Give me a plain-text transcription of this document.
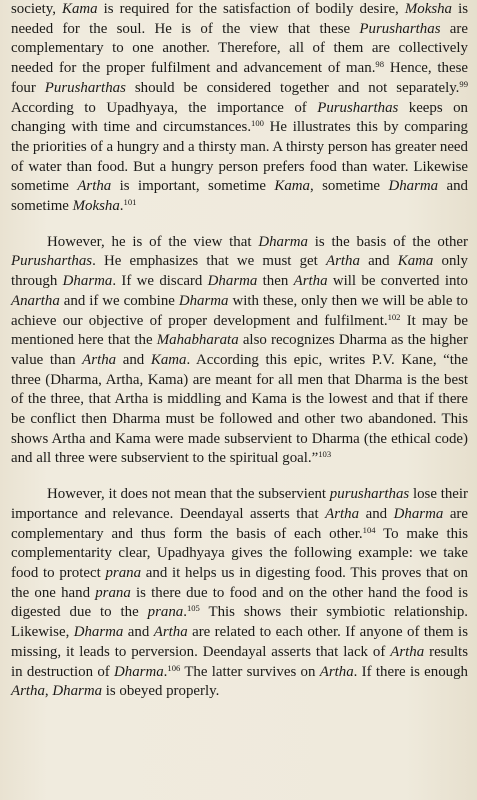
society, Kama is required for the satisfaction of bodily desire, Moksha is needed for the soul. He is of the view that these Purusharthas are complementary to one another. Therefore, all of them are collectively needed for the proper fulfilment and advancement of man.$^{98}$ Hence, these four Purusharthas should be considered together and not separately.$^{99}$ According to Upadhyaya, the importance of Purusharthas keeps on changing with time and circumstances.$^{100}$ He illustrates this by comparing the priorities of a hungry and a thirsty man. A thirsty person has greater need of water than food. But a hungry person prefers food than water. Likewise sometime Artha is important, sometime Kama, sometime Dharma and sometime Moksha.$^{101}$

However, he is of the view that Dharma is the basis of the other Purusharthas. He emphasizes that we must get Artha and Kama only through Dharma. If we discard Dharma then Artha will be converted into Anartha and if we combine Dharma with these, only then we will be able to achieve our objective of proper development and fulfilment.$^{102}$ It may be mentioned here that the Mahabharata also recognizes Dharma as the higher value than Artha and Kama. According this epic, writes P.V. Kane, “the three (Dharma, Artha, Kama) are meant for all men that Dharma is the best of the three, that Artha is middling and Kama is the lowest and that if there be conflict then Dharma must be followed and other two abandoned. This shows Artha and Kama were made subservient to Dharma (the ethical code) and all three were subservient to the spiritual goal.”$^{103}$

However, it does not mean that the subservient purusharthas lose their importance and relevance. Deendayal asserts that Artha and Dharma are complementary and thus form the basis of each other.$^{104}$ To make this complementarity clear, Upadhyaya gives the following example: we take food to protect prana and it helps us in digesting food. This proves that on the one hand prana is there due to food and on the other hand the food is digested due to the prana.$^{105}$ This shows their symbiotic relationship. Likewise, Dharma and Artha are related to each other. If anyone of them is missing, it leads to perversion. Deendayal asserts that lack of Artha results in destruction of Dharma.$^{106}$ The latter survives on Artha. If there is enough Artha, Dharma is obeyed properly.
